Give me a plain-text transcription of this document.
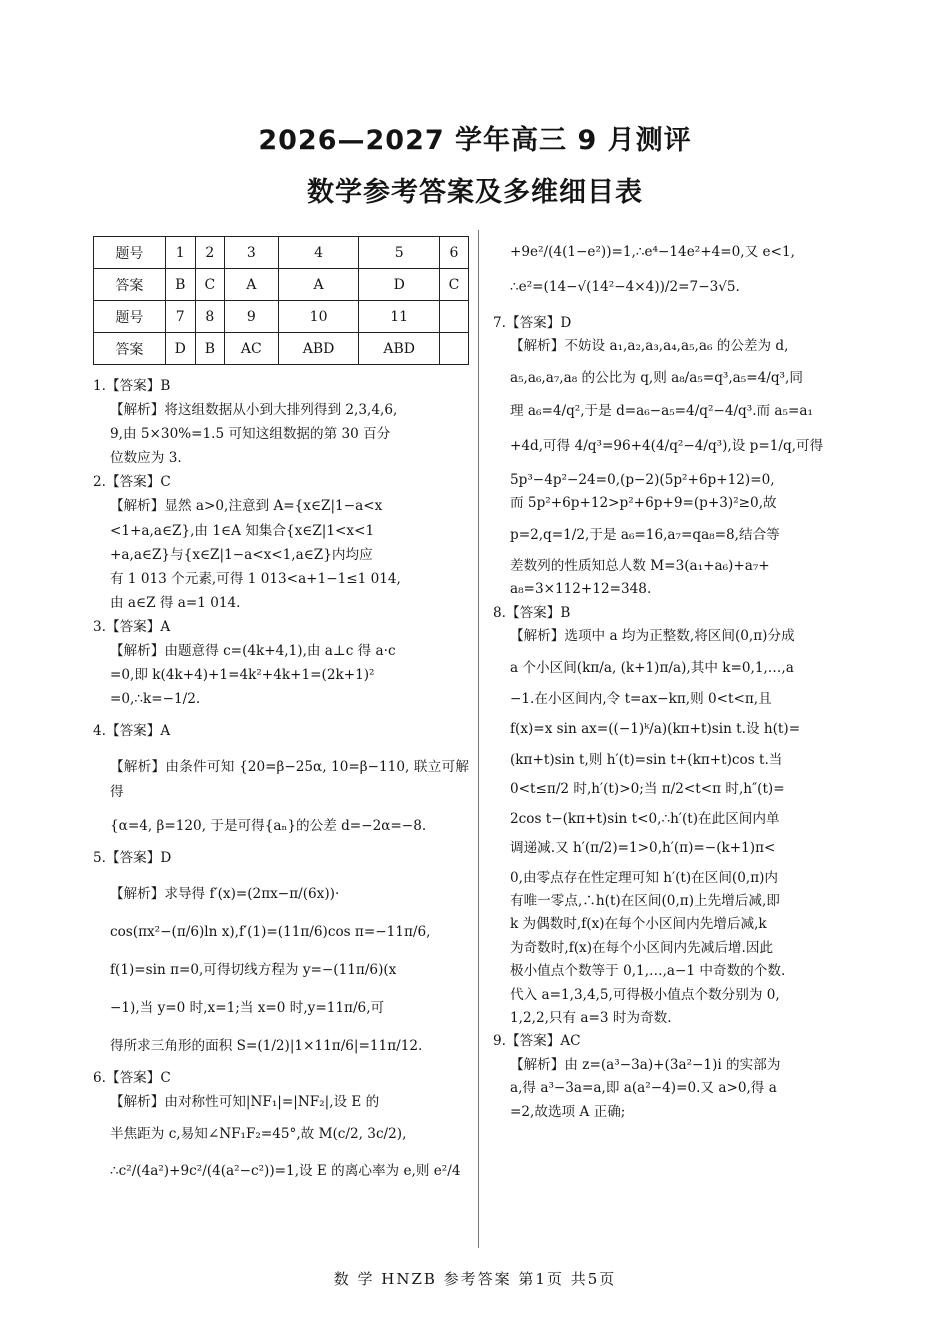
2026—2027 学年高三 9 月测评
数学参考答案及多维细目表
题号	1	2	3	4	5	6
答案	B	C	A	A	D	C
题号	7	8	9	10	11	
答案	D	B	AC	ABD	ABD	

1.【答案】B

【解析】将这组数据从小到大排列得到 2,3,4,6,

9,由 5×30%=1.5 可知这组数据的第 30 百分

位数应为 3.

2.【答案】C

【解析】显然 a>0,注意到 A={x∈Z|1−a<x

<1+a,a∈Z},由 1∈A 知集合{x∈Z|1<x<1

+a,a∈Z}与{x∈Z|1−a<x<1,a∈Z}内均应

有 1 013 个元素,可得 1 013<a+1−1≤1 014,

由 a∈Z 得 a=1 014.

3.【答案】A

【解析】由题意得 c=(4k+4,1),由 a⊥c 得 a·c

=0,即 k(4k+4)+1=4k²+4k+1=(2k+1)²

=0,∴k=−1/2.

4.【答案】A

【解析】由条件可知 {20=β−25α, 10=β−110, 联立可解得

{α=4, β=120, 于是可得{aₙ}的公差 d=−2α=−8.

5.【答案】D

【解析】求导得 f′(x)=(2πx−π/(6x))·

cos(πx²−(π/6)ln x),f′(1)=(11π/6)cos π=−11π/6,

f(1)=sin π=0,可得切线方程为 y=−(11π/6)(x

−1),当 y=0 时,x=1;当 x=0 时,y=11π/6,可

得所求三角形的面积 S=(1/2)|1×11π/6|=11π/12.

6.【答案】C

【解析】由对称性可知|NF₁|=|NF₂|,设 E 的

半焦距为 c,易知∠NF₁F₂=45°,故 M(c/2, 3c/2),

∴c²/(4a²)+9c²/(4(a²−c²))=1,设 E 的离心率为 e,则 e²/4

+9e²/(4(1−e²))=1,∴e⁴−14e²+4=0,又 e<1,

∴e²=(14−√(14²−4×4))/2=7−3√5.

7.【答案】D

【解析】不妨设 a₁,a₂,a₃,a₄,a₅,a₆ 的公差为 d,

a₅,a₆,a₇,a₈ 的公比为 q,则 a₈/a₅=q³,a₅=4/q³,同

理 a₆=4/q²,于是 d=a₆−a₅=4/q²−4/q³.而 a₅=a₁

+4d,可得 4/q³=96+4(4/q²−4/q³),设 p=1/q,可得

5p³−4p²−24=0,(p−2)(5p²+6p+12)=0,

而 5p²+6p+12>p²+6p+9=(p+3)²≥0,故

p=2,q=1/2,于是 a₆=16,a₇=qa₈=8,结合等

差数列的性质知总人数 M=3(a₁+a₆)+a₇+

a₈=3×112+12=348.

8.【答案】B

【解析】选项中 a 均为正整数,将区间(0,π)分成

a 个小区间(kπ/a, (k+1)π/a),其中 k=0,1,…,a

−1.在小区间内,令 t=ax−kπ,则 0<t<π,且

f(x)=x sin ax=((−1)ᵏ/a)(kπ+t)sin t.设 h(t)=

(kπ+t)sin t,则 h′(t)=sin t+(kπ+t)cos t.当

0<t≤π/2 时,h′(t)>0;当 π/2<t<π 时,h″(t)=

2cos t−(kπ+t)sin t<0,∴h′(t)在此区间内单

调递减.又 h′(π/2)=1>0,h′(π)=−(k+1)π<

0,由零点存在性定理可知 h′(t)在区间(0,π)内

有唯一零点,∴h(t)在区间(0,π)上先增后减,即

k 为偶数时,f(x)在每个小区间内先增后减,k

为奇数时,f(x)在每个小区间内先减后增.因此

极小值点个数等于 0,1,…,a−1 中奇数的个数.

代入 a=1,3,4,5,可得极小值点个数分别为 0,

1,2,2,只有 a=3 时为奇数.

9.【答案】AC

【解析】由 z=(a³−3a)+(3a²−1)i 的实部为

a,得 a³−3a=a,即 a(a²−4)=0.又 a>0,得 a

=2,故选项 A 正确;

数 学 HNZB 参考答案 第1页 共5页
